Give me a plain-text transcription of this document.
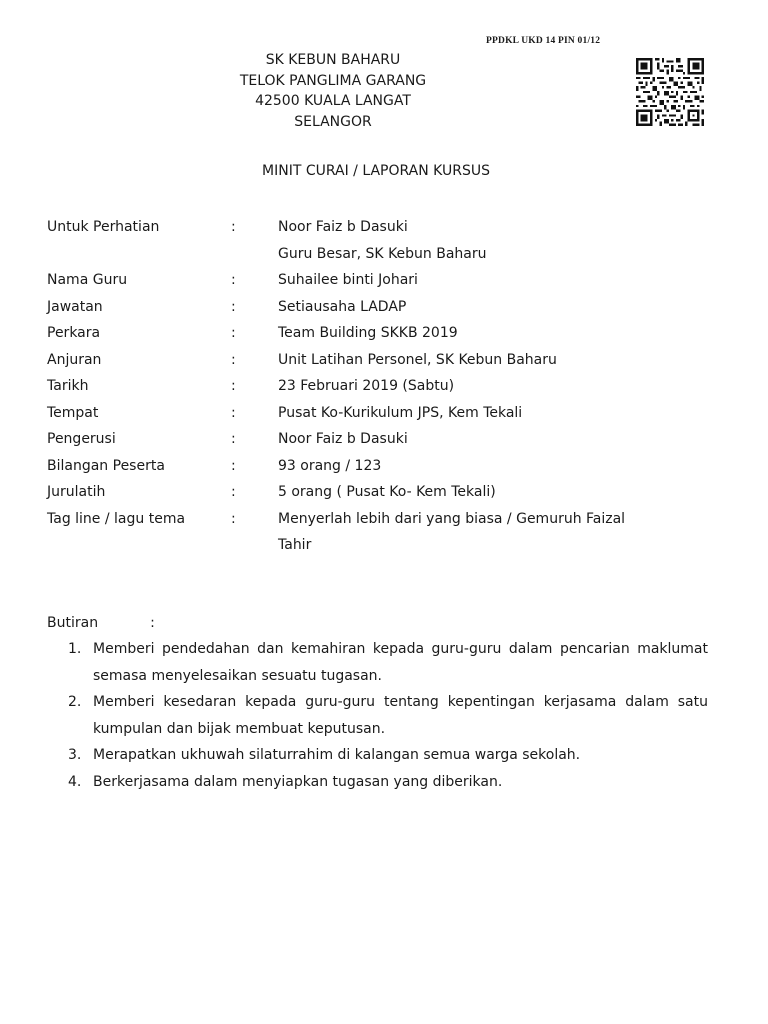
PPDKL UKD 14 PIN 01/12
SK KEBUN BAHARU
TELOK PANGLIMA GARANG
42500 KUALA LANGAT
SELANGOR
MINIT CURAI / LAPORAN KURSUS
Untuk Perhatian	:	Noor Faiz b Dasuki
Guru Besar, SK Kebun Baharu
Nama Guru	:	Suhailee binti Johari
Jawatan	:	Setiausaha LADAP
Perkara	:	Team Building SKKB 2019
Anjuran	:	Unit Latihan Personel, SK Kebun Baharu
Tarikh	:	23 Februari 2019 (Sabtu)
Tempat	:	Pusat Ko-Kurikulum JPS, Kem Tekali
Pengerusi	:	Noor Faiz b Dasuki
Bilangan Peserta	:	93 orang / 123
Jurulatih	:	5 orang ( Pusat Ko- Kem Tekali)
Tag line / lagu tema	:	Menyerlah lebih dari yang biasa / Gemuruh Faizal
Tahir
Butiran	:
1. Memberi pendedahan dan kemahiran kepada guru-guru dalam pencarian maklumat semasa menyelesaikan sesuatu tugasan.
2. Memberi kesedaran kepada guru-guru tentang kepentingan kerjasama dalam satu kumpulan dan bijak membuat keputusan.
3. Merapatkan ukhuwah silaturrahim di kalangan semua warga sekolah.
4. Berkerjasama dalam menyiapkan tugasan yang diberikan.
